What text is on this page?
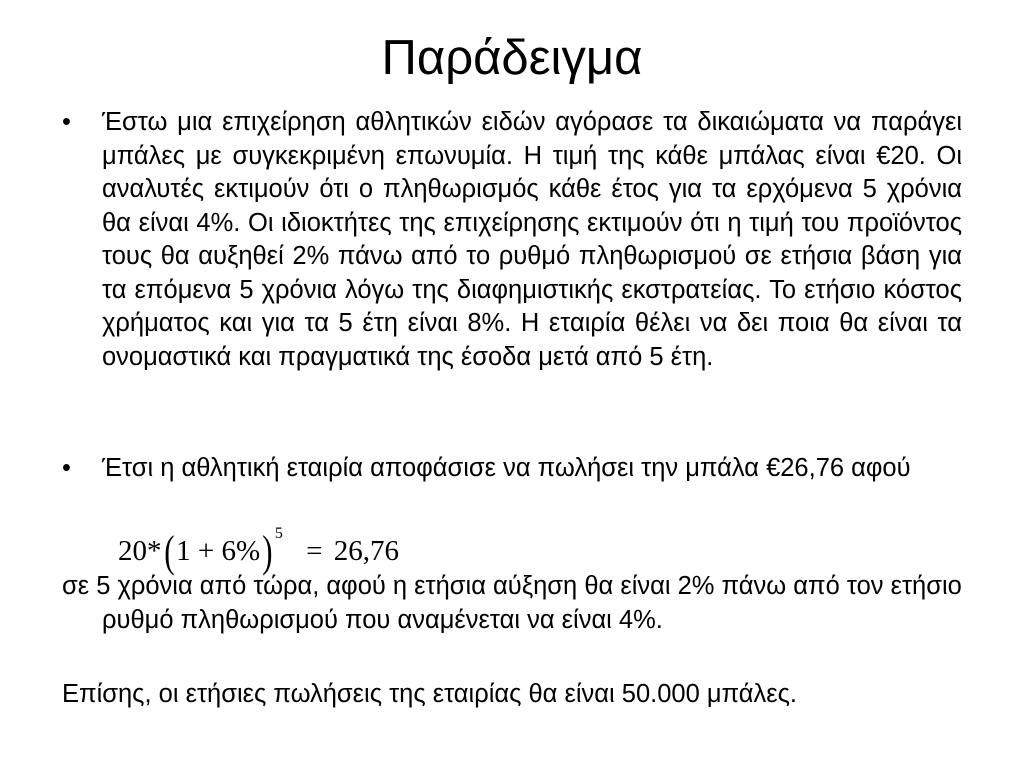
Παράδειγμα
•	Έστω μια επιχείρηση αθλητικών ειδών αγόρασε τα δικαιώματα να παράγει μπάλες με συγκεκριμένη επωνυμία. Η τιμή της κάθε μπάλας είναι €20. Οι αναλυτές εκτιμούν ότι ο πληθωρισμός κάθε έτος για τα ερχόμενα 5 χρόνια θα είναι 4%. Οι ιδιοκτήτες της επιχείρησης εκτιμούν ότι η τιμή του προϊόντος τους θα αυξηθεί 2% πάνω από το ρυθμό πληθωρισμού σε ετήσια βάση για τα επόμενα 5 χρόνια λόγω της διαφημιστικής εκστρατείας. Το ετήσιο κόστος χρήματος και για τα 5 έτη είναι 8%. Η εταιρία θέλει να δει ποια θα είναι τα ονομαστικά και πραγματικά της έσοδα μετά από 5 έτη.
•	Έτσι η αθλητική εταιρία αποφάσισε να πωλήσει την μπάλα €26,76 αφού
20*(1 + 6%) $^5$ = 26,76
σε 5 χρόνια από τώρα, αφού η ετήσια αύξηση θα είναι 2% πάνω από τον ετήσιο ρυθμό πληθωρισμού που αναμένεται να είναι 4%.
Επίσης, οι ετήσιες πωλήσεις της εταιρίας θα είναι 50.000 μπάλες.
